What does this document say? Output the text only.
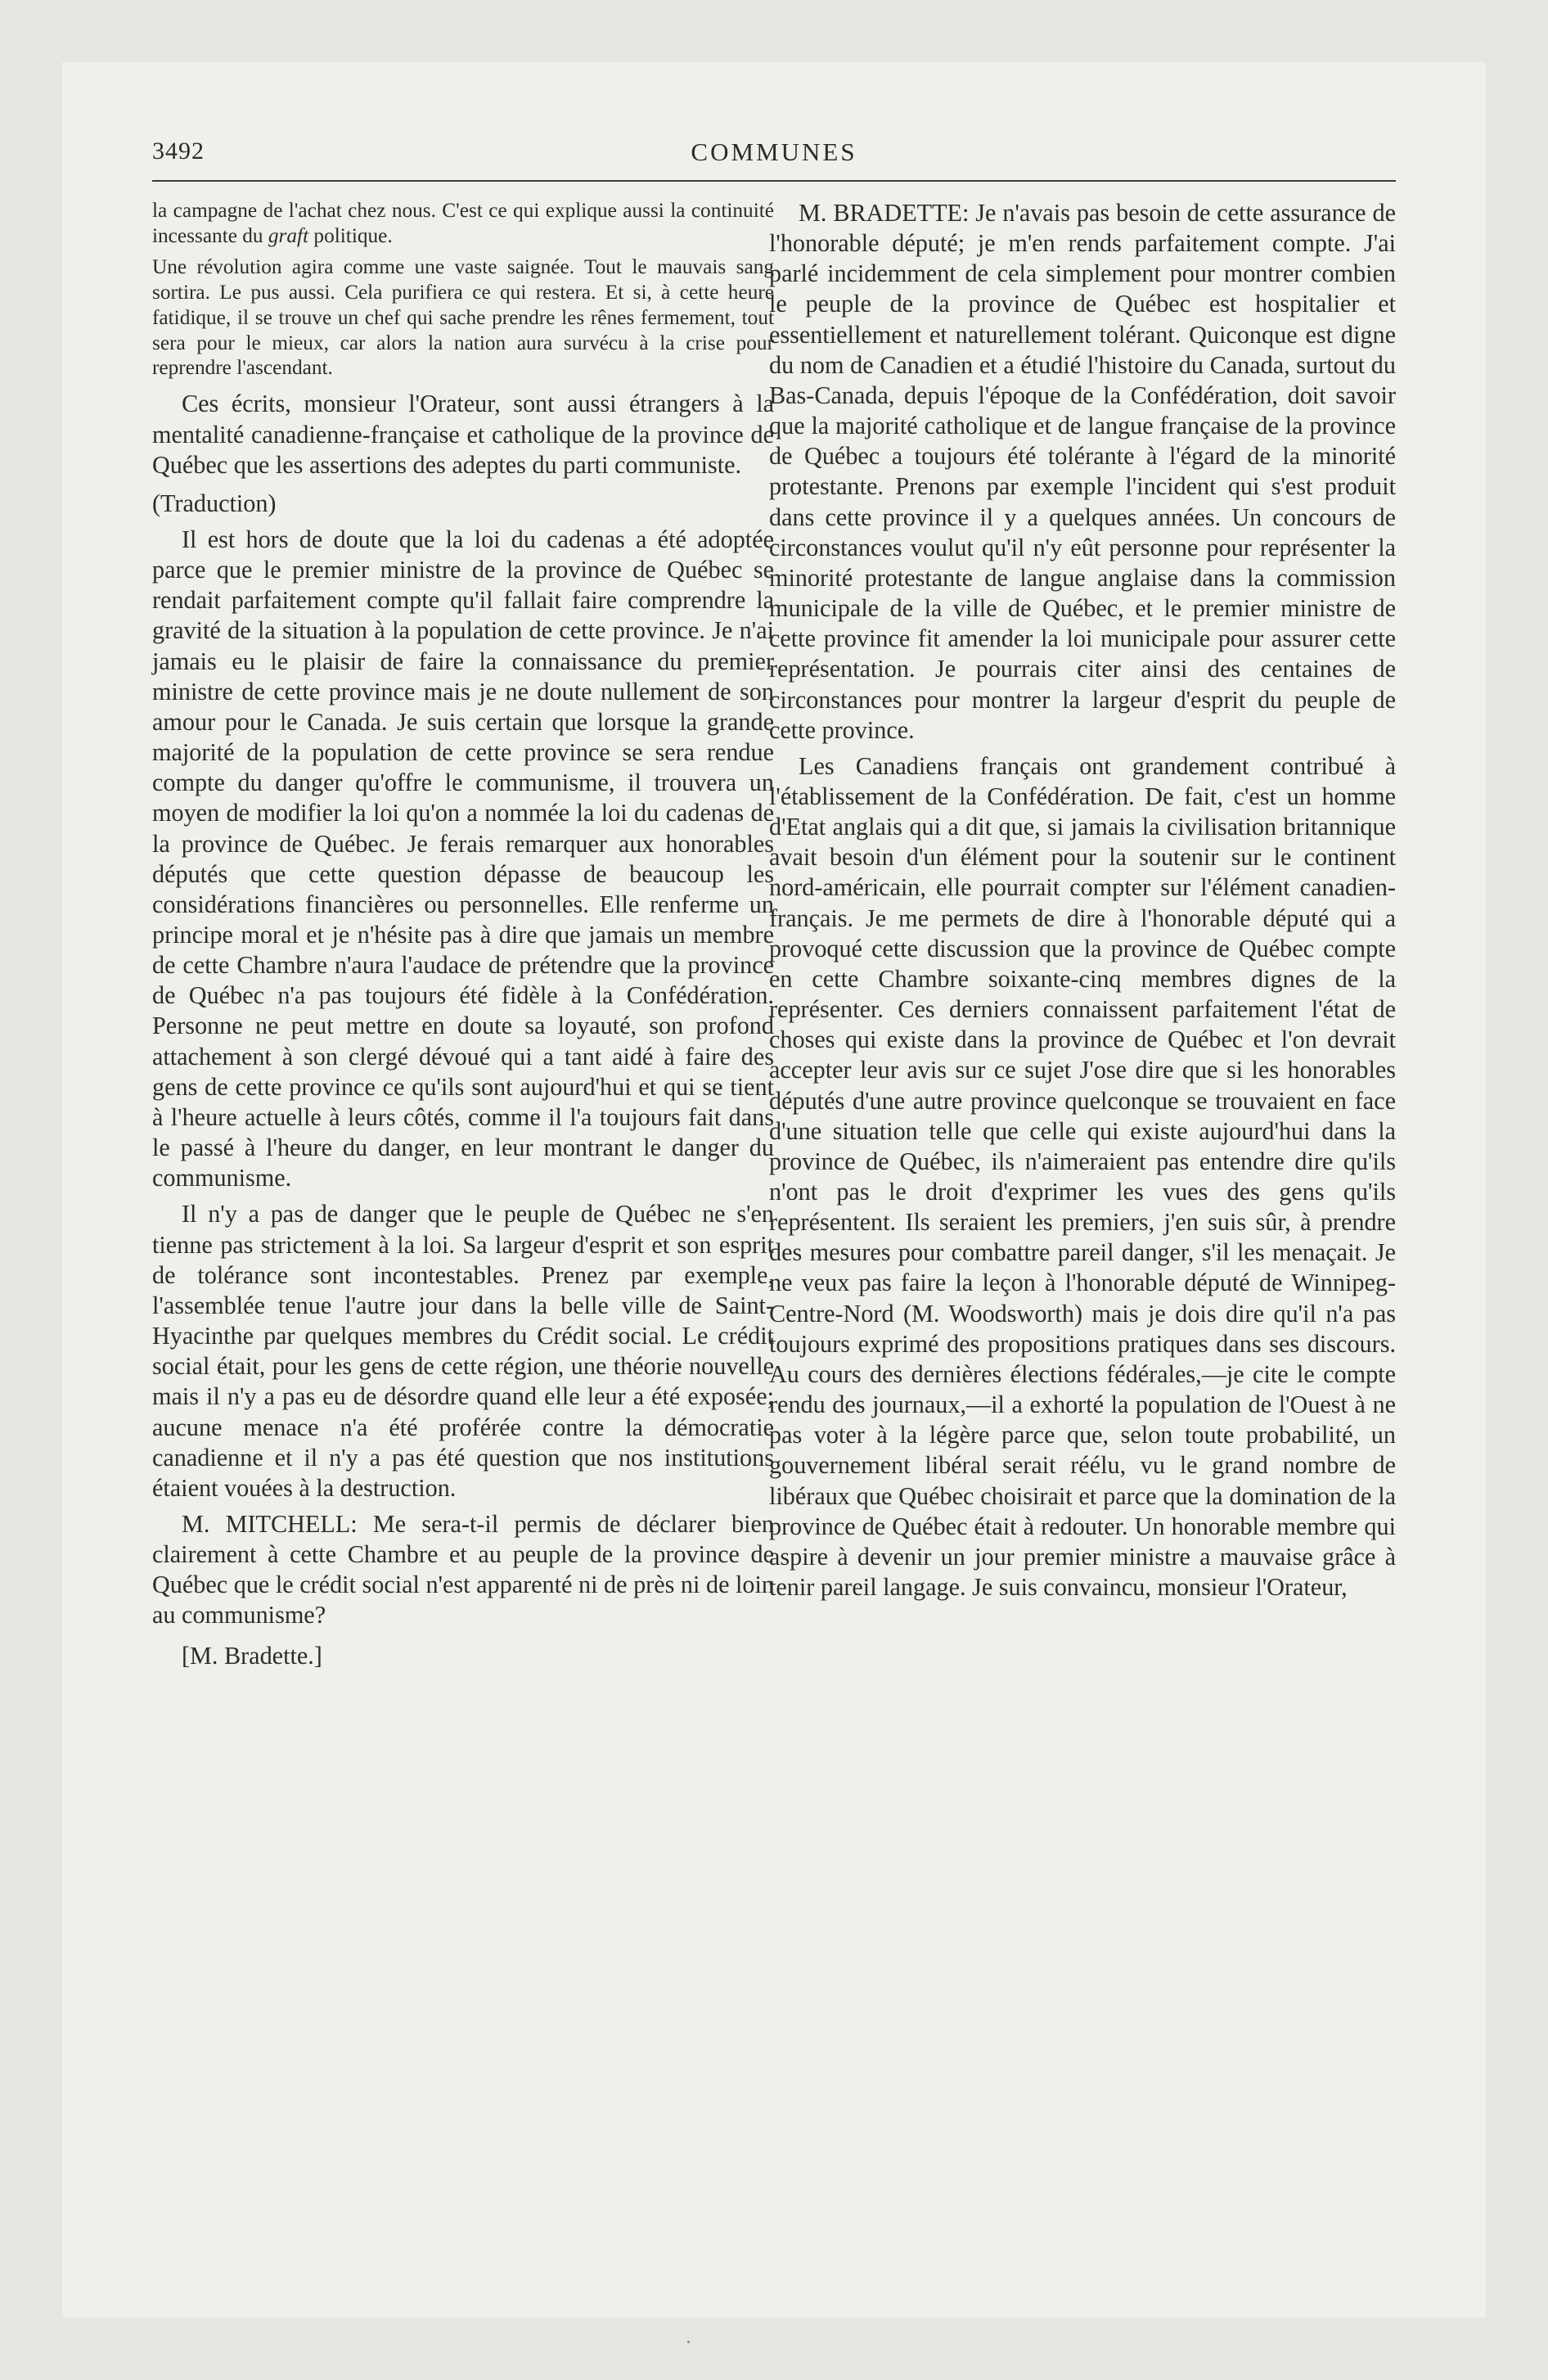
3492	COMMUNES

la campagne de l'achat chez nous. C'est ce qui explique aussi la continuité incessante du graft politique.

Une révolution agira comme une vaste saignée. Tout le mauvais sang sortira. Le pus aussi. Cela purifiera ce qui restera. Et si, à cette heure fatidique, il se trouve un chef qui sache prendre les rênes fermement, tout sera pour le mieux, car alors la nation aura survécu à la crise pour reprendre l'ascendant.

Ces écrits, monsieur l'Orateur, sont aussi étrangers à la mentalité canadienne-française et catholique de la province de Québec que les assertions des adeptes du parti communiste.

(Traduction)

Il est hors de doute que la loi du cadenas a été adoptée parce que le premier ministre de la province de Québec se rendait parfaitement compte qu'il fallait faire comprendre la gravité de la situation à la population de cette province. Je n'ai jamais eu le plaisir de faire la connaissance du premier ministre de cette province mais je ne doute nullement de son amour pour le Canada. Je suis certain que lorsque la grande majorité de la population de cette province se sera rendue compte du danger qu'offre le communisme, il trouvera un moyen de modifier la loi qu'on a nommée la loi du cadenas de la province de Québec. Je ferais remarquer aux honorables députés que cette question dépasse de beaucoup les considérations financières ou personnelles. Elle renferme un principe moral et je n'hésite pas à dire que jamais un membre de cette Chambre n'aura l'audace de prétendre que la province de Québec n'a pas toujours été fidèle à la Confédération. Personne ne peut mettre en doute sa loyauté, son profond attachement à son clergé dévoué qui a tant aidé à faire des gens de cette province ce qu'ils sont aujourd'hui et qui se tient à l'heure actuelle à leurs côtés, comme il l'a toujours fait dans le passé à l'heure du danger, en leur montrant le danger du communisme.

Il n'y a pas de danger que le peuple de Québec ne s'en tienne pas strictement à la loi. Sa largeur d'esprit et son esprit de tolérance sont incontestables. Prenez par exemple, l'assemblée tenue l'autre jour dans la belle ville de Saint-Hyacinthe par quelques membres du Crédit social. Le crédit social était, pour les gens de cette région, une théorie nouvelle mais il n'y a pas eu de désordre quand elle leur a été exposée; aucune menace n'a été proférée contre la démocratie canadienne et il n'y a pas été question que nos institutions étaient vouées à la destruction.

M. MITCHELL: Me sera-t-il permis de déclarer bien clairement à cette Chambre et au peuple de la province de Québec que le crédit social n'est apparenté ni de près ni de loin au communisme?

[M. Bradette.]

M. BRADETTE: Je n'avais pas besoin de cette assurance de l'honorable député; je m'en rends parfaitement compte. J'ai parlé incidemment de cela simplement pour montrer combien le peuple de la province de Québec est hospitalier et essentiellement et naturellement tolérant. Quiconque est digne du nom de Canadien et a étudié l'histoire du Canada, surtout du Bas-Canada, depuis l'époque de la Confédération, doit savoir que la majorité catholique et de langue française de la province de Québec a toujours été tolérante à l'égard de la minorité protestante. Prenons par exemple l'incident qui s'est produit dans cette province il y a quelques années. Un concours de circonstances voulut qu'il n'y eût personne pour représenter la minorité protestante de langue anglaise dans la commission municipale de la ville de Québec, et le premier ministre de cette province fit amender la loi municipale pour assurer cette représentation. Je pourrais citer ainsi des centaines de circonstances pour montrer la largeur d'esprit du peuple de cette province.

Les Canadiens français ont grandement contribué à l'établissement de la Confédération. De fait, c'est un homme d'Etat anglais qui a dit que, si jamais la civilisation britannique avait besoin d'un élément pour la soutenir sur le continent nord-américain, elle pourrait compter sur l'élément canadien-français. Je me permets de dire à l'honorable député qui a provoqué cette discussion que la province de Québec compte en cette Chambre soixante-cinq membres dignes de la représenter. Ces derniers connaissent parfaitement l'état de choses qui existe dans la province de Québec et l'on devrait accepter leur avis sur ce sujet J'ose dire que si les honorables députés d'une autre province quelconque se trouvaient en face d'une situation telle que celle qui existe aujourd'hui dans la province de Québec, ils n'aimeraient pas entendre dire qu'ils n'ont pas le droit d'exprimer les vues des gens qu'ils représentent. Ils seraient les premiers, j'en suis sûr, à prendre des mesures pour combattre pareil danger, s'il les menaçait. Je ne veux pas faire la leçon à l'honorable député de Winnipeg-Centre-Nord (M. Woodsworth) mais je dois dire qu'il n'a pas toujours exprimé des propositions pratiques dans ses discours. Au cours des dernières élections fédérales,—je cite le compte rendu des journaux,—il a exhorté la population de l'Ouest à ne pas voter à la légère parce que, selon toute probabilité, un gouvernement libéral serait réélu, vu le grand nombre de libéraux que Québec choisirait et parce que la domination de la province de Québec était à redouter. Un honorable membre qui aspire à devenir un jour premier ministre a mauvaise grâce à tenir pareil langage. Je suis convaincu, monsieur l'Orateur,
